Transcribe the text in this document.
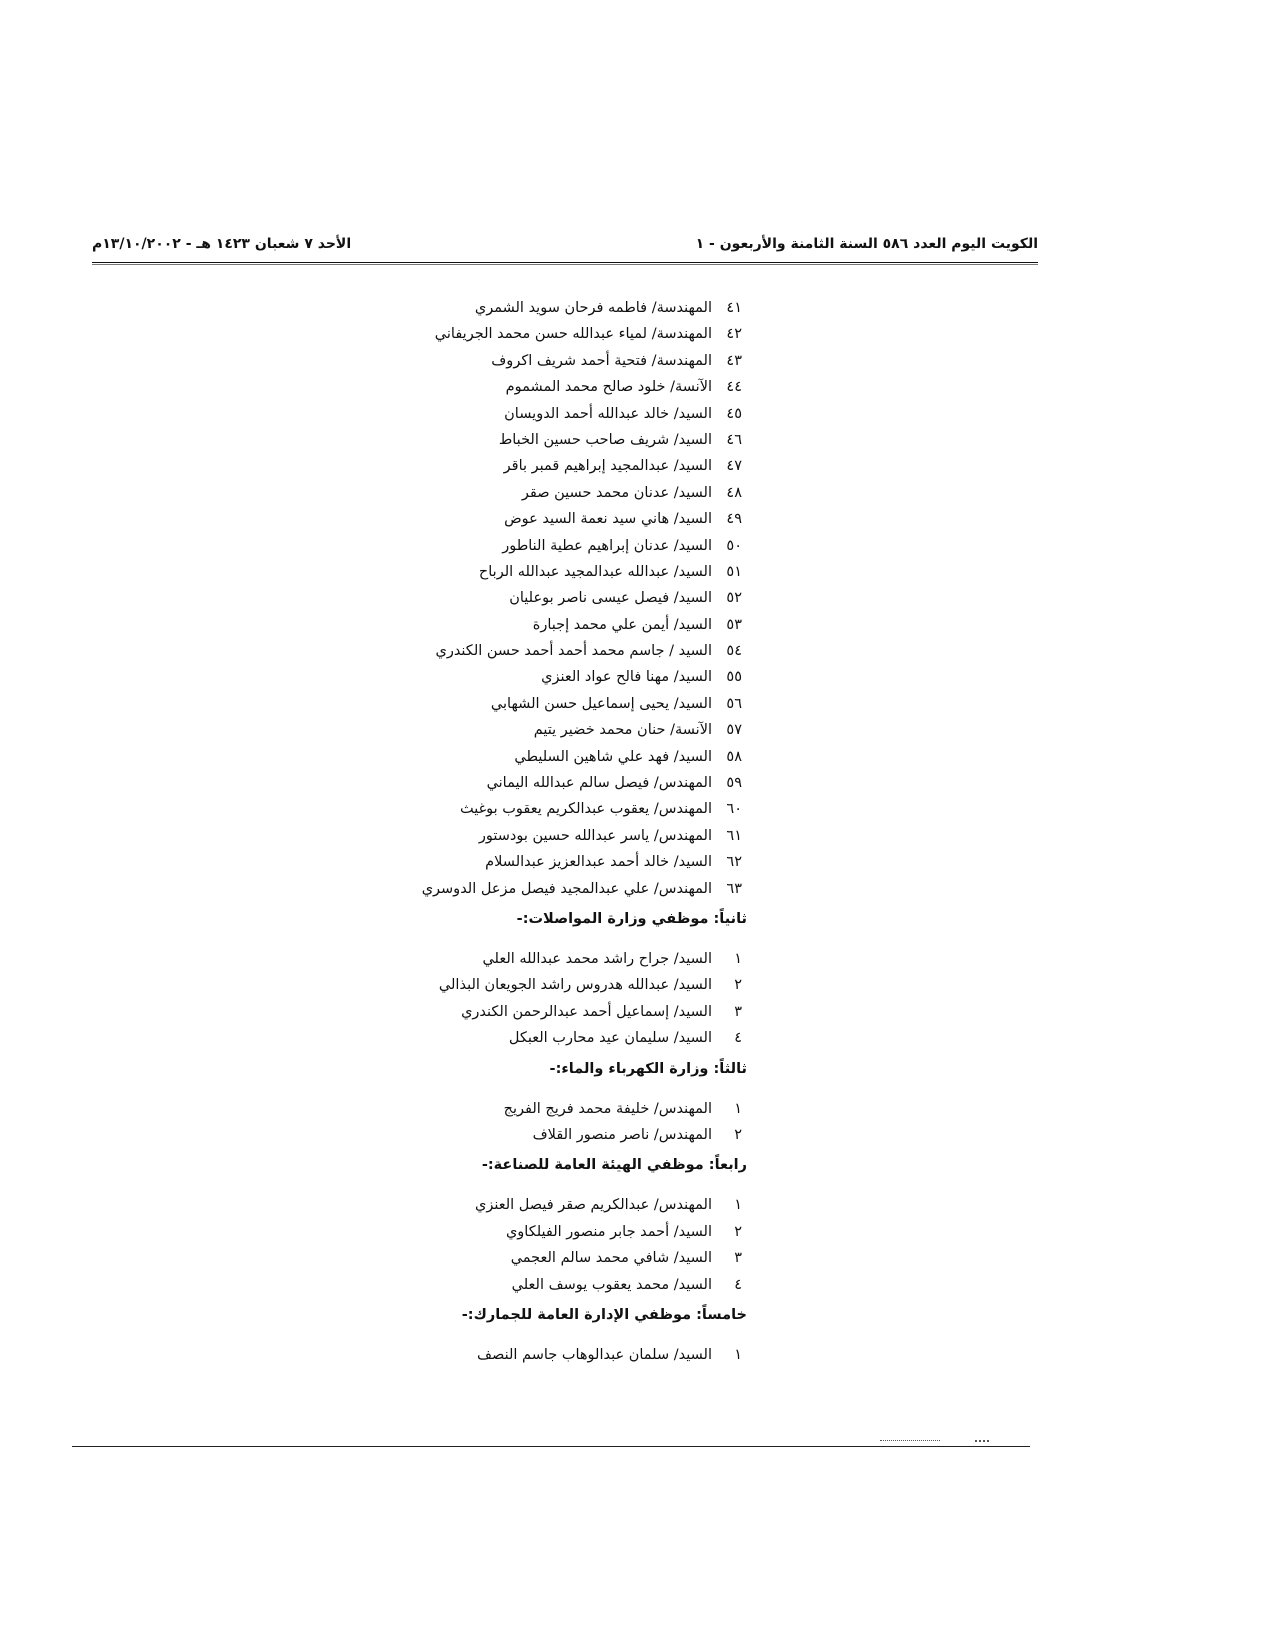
الكويت اليوم العدد ٥٨٦ السنة الثامنة والأربعون - ١
الأحد ٧ شعبان ١٤٢٣ هـ - ١٣/١٠/٢٠٠٢م
٤١
المهندسة/ فاطمه فرحان سويد الشمري
٤٢
المهندسة/ لمياء عبدالله حسن محمد الجريفاني
٤٣
المهندسة/ فتحية أحمد شريف اكروف
٤٤
الآنسة/ خلود صالح محمد المشموم
٤٥
السيد/ خالد عبدالله أحمد الدويسان
٤٦
السيد/ شريف صاحب حسين الخباط
٤٧
السيد/ عبدالمجيد إبراهيم قمبر باقر
٤٨
السيد/ عدنان محمد حسين صقر
٤٩
السيد/ هاني سيد نعمة السيد عوض
٥٠
السيد/ عدنان إبراهيم عطية الناطور
٥١
السيد/ عبدالله عبدالمجيد عبدالله الرباح
٥٢
السيد/ فيصل عيسى ناصر بوعليان
٥٣
السيد/ أيمن علي محمد إجبارة
٥٤
السيد / جاسم محمد أحمد أحمد حسن الكندري
٥٥
السيد/ مهنا فالح عواد العنزي
٥٦
السيد/ يحيى إسماعيل حسن الشهابي
٥٧
الآنسة/ حنان محمد خضير يتيم
٥٨
السيد/ فهد علي شاهين السليطي
٥٩
المهندس/ فيصل سالم عبدالله اليماني
٦٠
المهندس/ يعقوب عبدالكريم يعقوب بوغيث
٦١
المهندس/ ياسر عبدالله حسين بودستور
٦٢
السيد/ خالد أحمد عبدالعزيز عبدالسلام
٦٣
المهندس/ علي عبدالمجيد فيصل مزعل الدوسري
ثانياً: موظفي وزارة المواصلات:-
١
السيد/ جراح راشد محمد عبدالله العلي
٢
السيد/ عبدالله هدروس راشد الجويعان البذالي
٣
السيد/ إسماعيل أحمد عبدالرحمن الكندري
٤
السيد/ سليمان عيد محارب العبكل
ثالثاً: وزارة الكهرباء والماء:-
١
المهندس/ خليفة محمد فريج الفريج
٢
المهندس/ ناصر منصور القلاف
رابعاً: موظفي الهيئة العامة للصناعة:-
١
المهندس/ عبدالكريم صقر فيصل العنزي
٢
السيد/ أحمد جابر منصور الفيلكاوي
٣
السيد/ شافي محمد سالم العجمي
٤
السيد/ محمد يعقوب يوسف العلي
خامساً: موظفي الإدارة العامة للجمارك:-
١
السيد/ سلمان عبدالوهاب جاسم النصف
